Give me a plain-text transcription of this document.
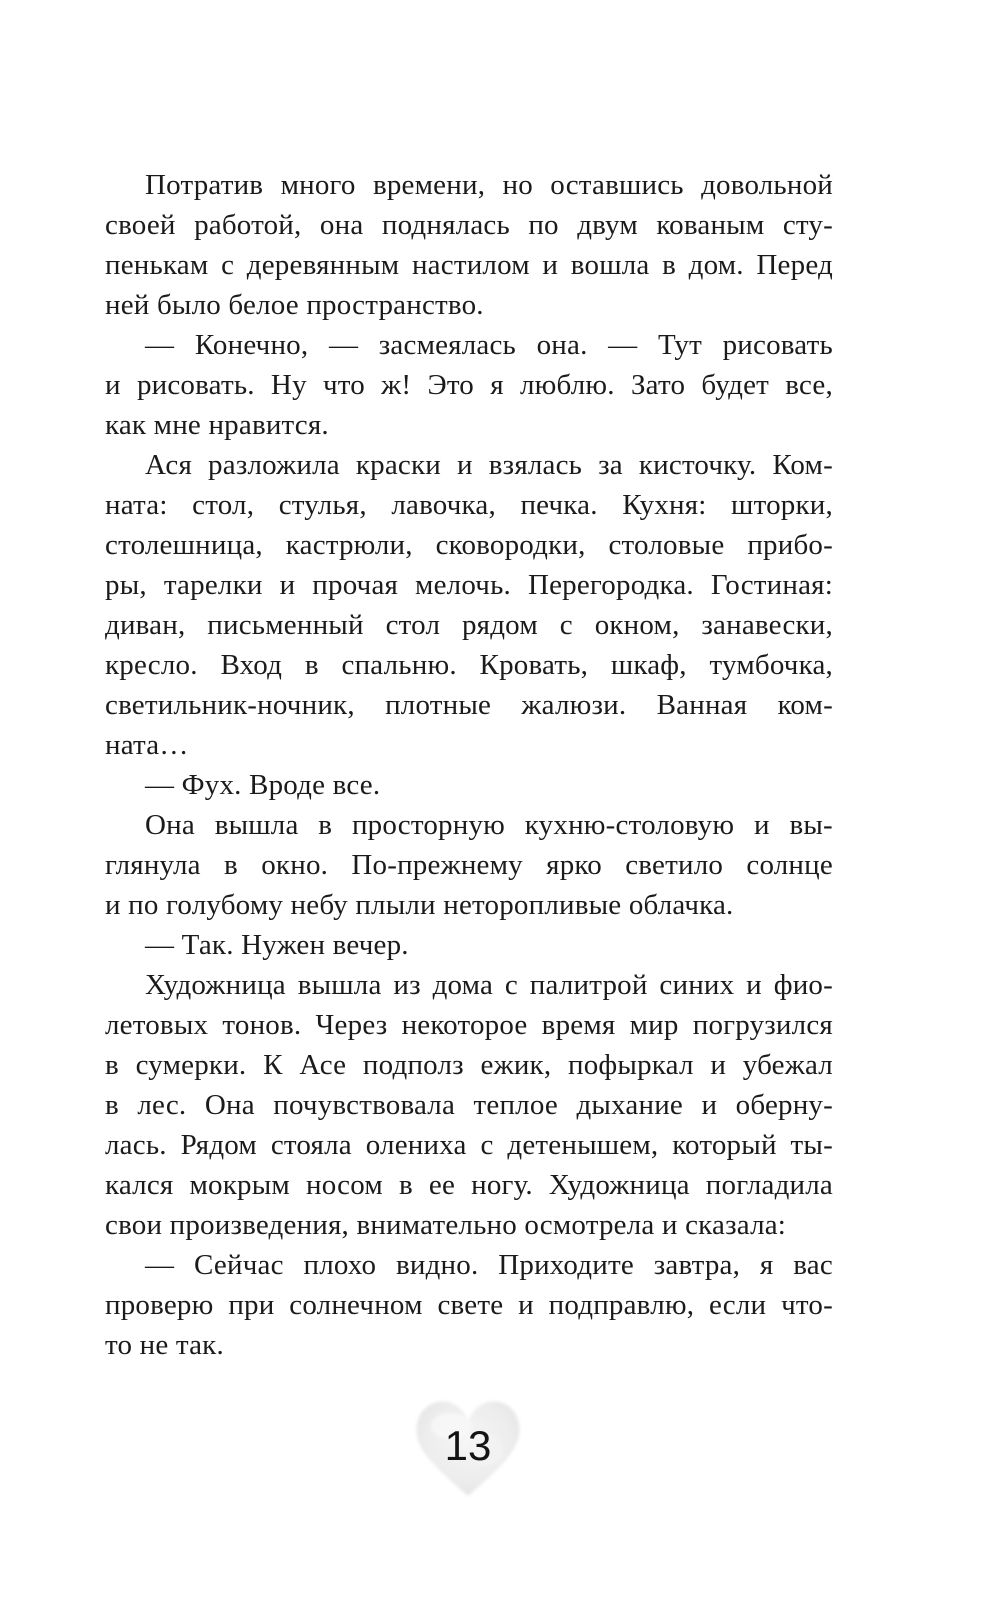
Потратив много времени, но оставшись довольной
своей работой, она поднялась по двум кованым сту-
пенькам с деревянным настилом и вошла в дом. Перед
ней было белое пространство.
— Конечно, — засмеялась она. — Тут рисовать
и рисовать. Ну что ж! Это я люблю. Зато будет все,
как мне нравится.
Ася разложила краски и взялась за кисточку. Ком-
ната: стол, стулья, лавочка, печка. Кухня: шторки,
столешница, кастрюли, сковородки, столовые прибо-
ры, тарелки и прочая мелочь. Перегородка. Гостиная:
диван, письменный стол рядом с окном, занавески,
кресло. Вход в спальню. Кровать, шкаф, тумбочка,
светильник-ночник, плотные жалюзи. Ванная ком-
ната…
— Фух. Вроде все.
Она вышла в просторную кухню-столовую и вы-
глянула в окно. По-прежнему ярко светило солнце
и по голубому небу плыли неторопливые облачка.
— Так. Нужен вечер.
Художница вышла из дома с палитрой синих и фио-
летовых тонов. Через некоторое время мир погрузился
в сумерки. К Асе подполз ежик, пофыркал и убежал
в лес. Она почувствовала теплое дыхание и оберну-
лась. Рядом стояла олениха с детенышем, который ты-
кался мокрым носом в ее ногу. Художница погладила
свои произведения, внимательно осмотрела и сказала:
— Сейчас плохо видно. Приходите завтра, я вас
проверю при солнечном свете и подправлю, если что-
то не так.
13
